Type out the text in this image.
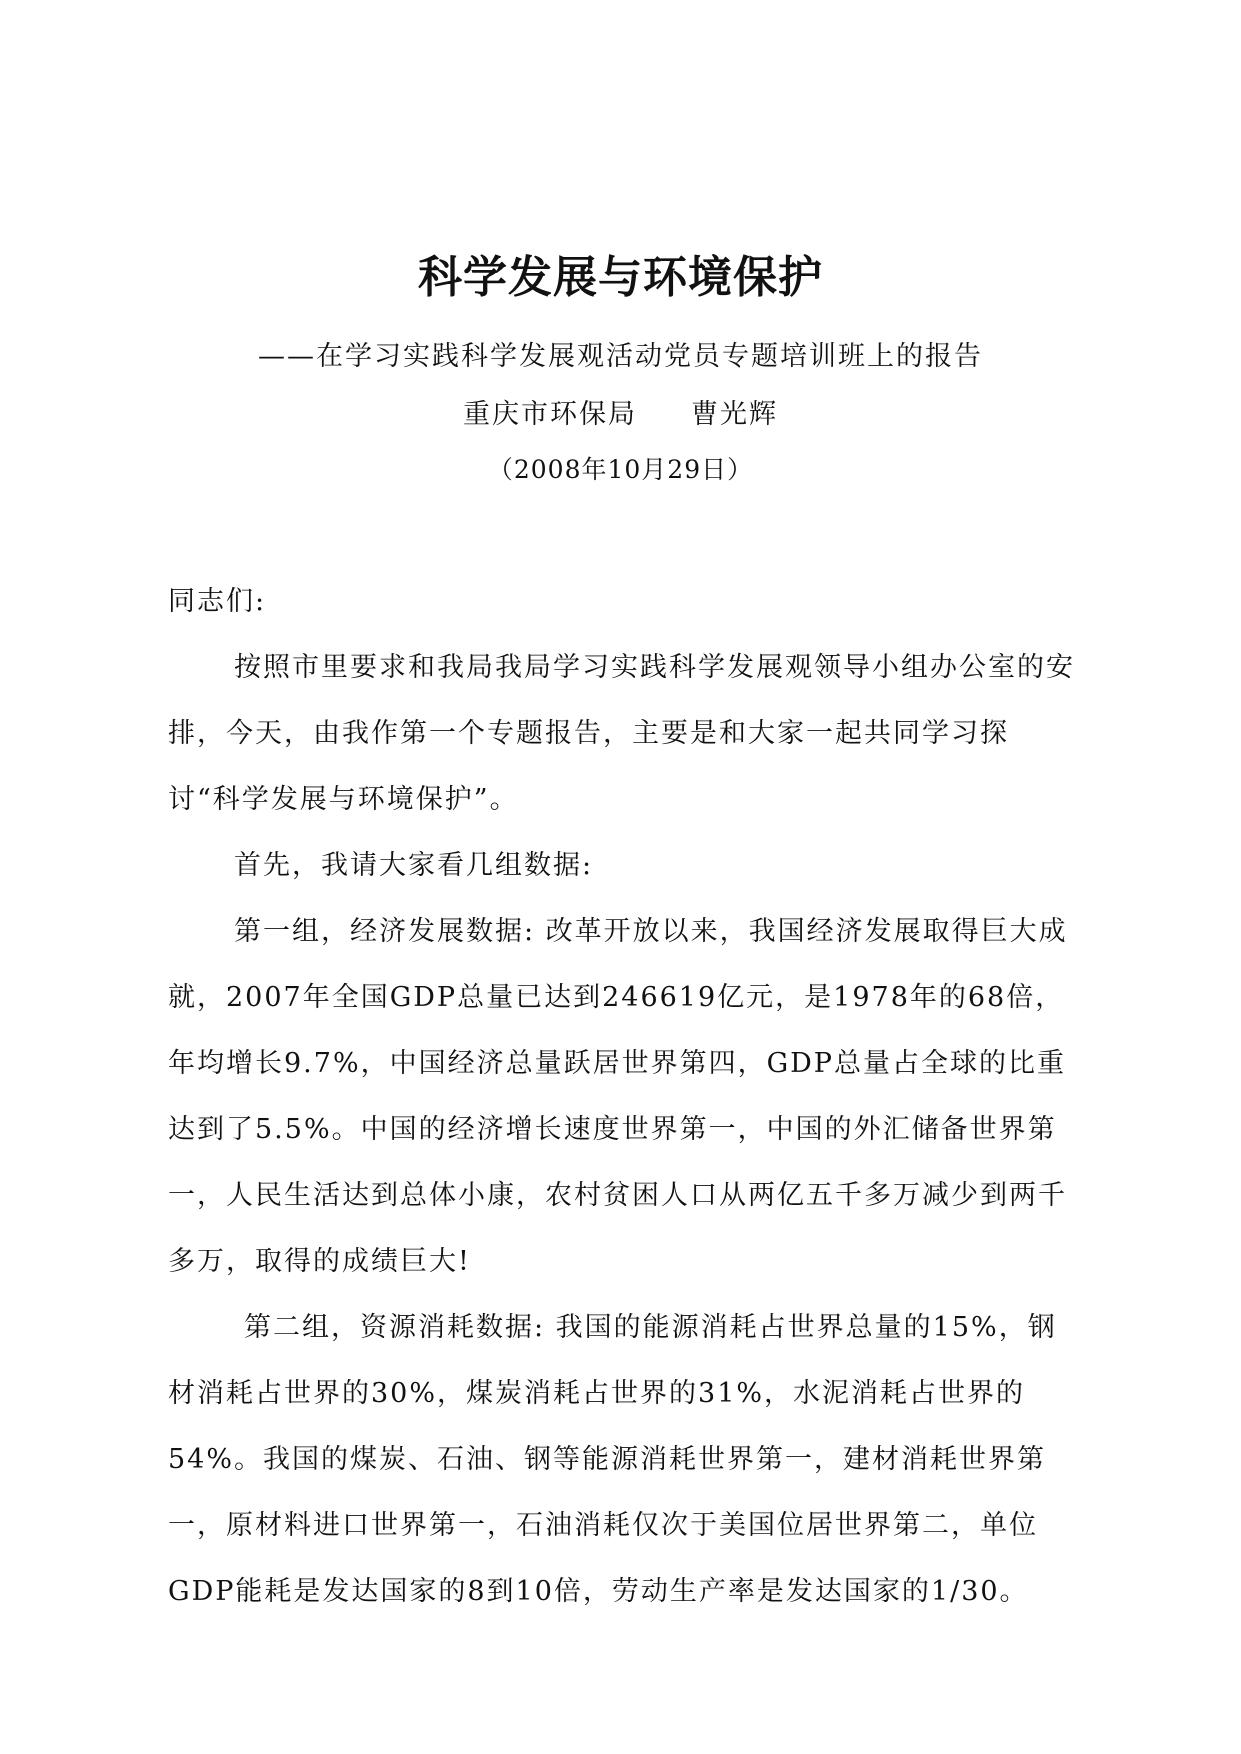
科学发展与环境保护
——在学习实践科学发展观活动党员专题培训班上的报告
重庆市环保局 曹光辉
（2008年10月29日）

同志们:

按照市里要求和我局我局学习实践科学发展观领导小组办公室的安排，今天，由我作第一个专题报告，主要是和大家一起共同学习探讨“科学发展与环境保护”。

首先，我请大家看几组数据:

第一组，经济发展数据: 改革开放以来，我国经济发展取得巨大成就，2007年全国GDP总量已达到246619亿元，是1978年的68倍，年均增长9.7%，中国经济总量跃居世界第四，GDP总量占全球的比重达到了5.5%。中国的经济增长速度世界第一，中国的外汇储备世界第一，人民生活达到总体小康，农村贫困人口从两亿五千多万减少到两千多万，取得的成绩巨大!

第二组，资源消耗数据: 我国的能源消耗占世界总量的15%，钢材消耗占世界的30%，煤炭消耗占世界的31%，水泥消耗占世界的54%。我国的煤炭、石油、钢等能源消耗世界第一，建材消耗世界第一，原材料进口世界第一，石油消耗仅次于美国位居世界第二，单位GDP能耗是发达国家的8到10倍，劳动生产率是发达国家的1/30。
